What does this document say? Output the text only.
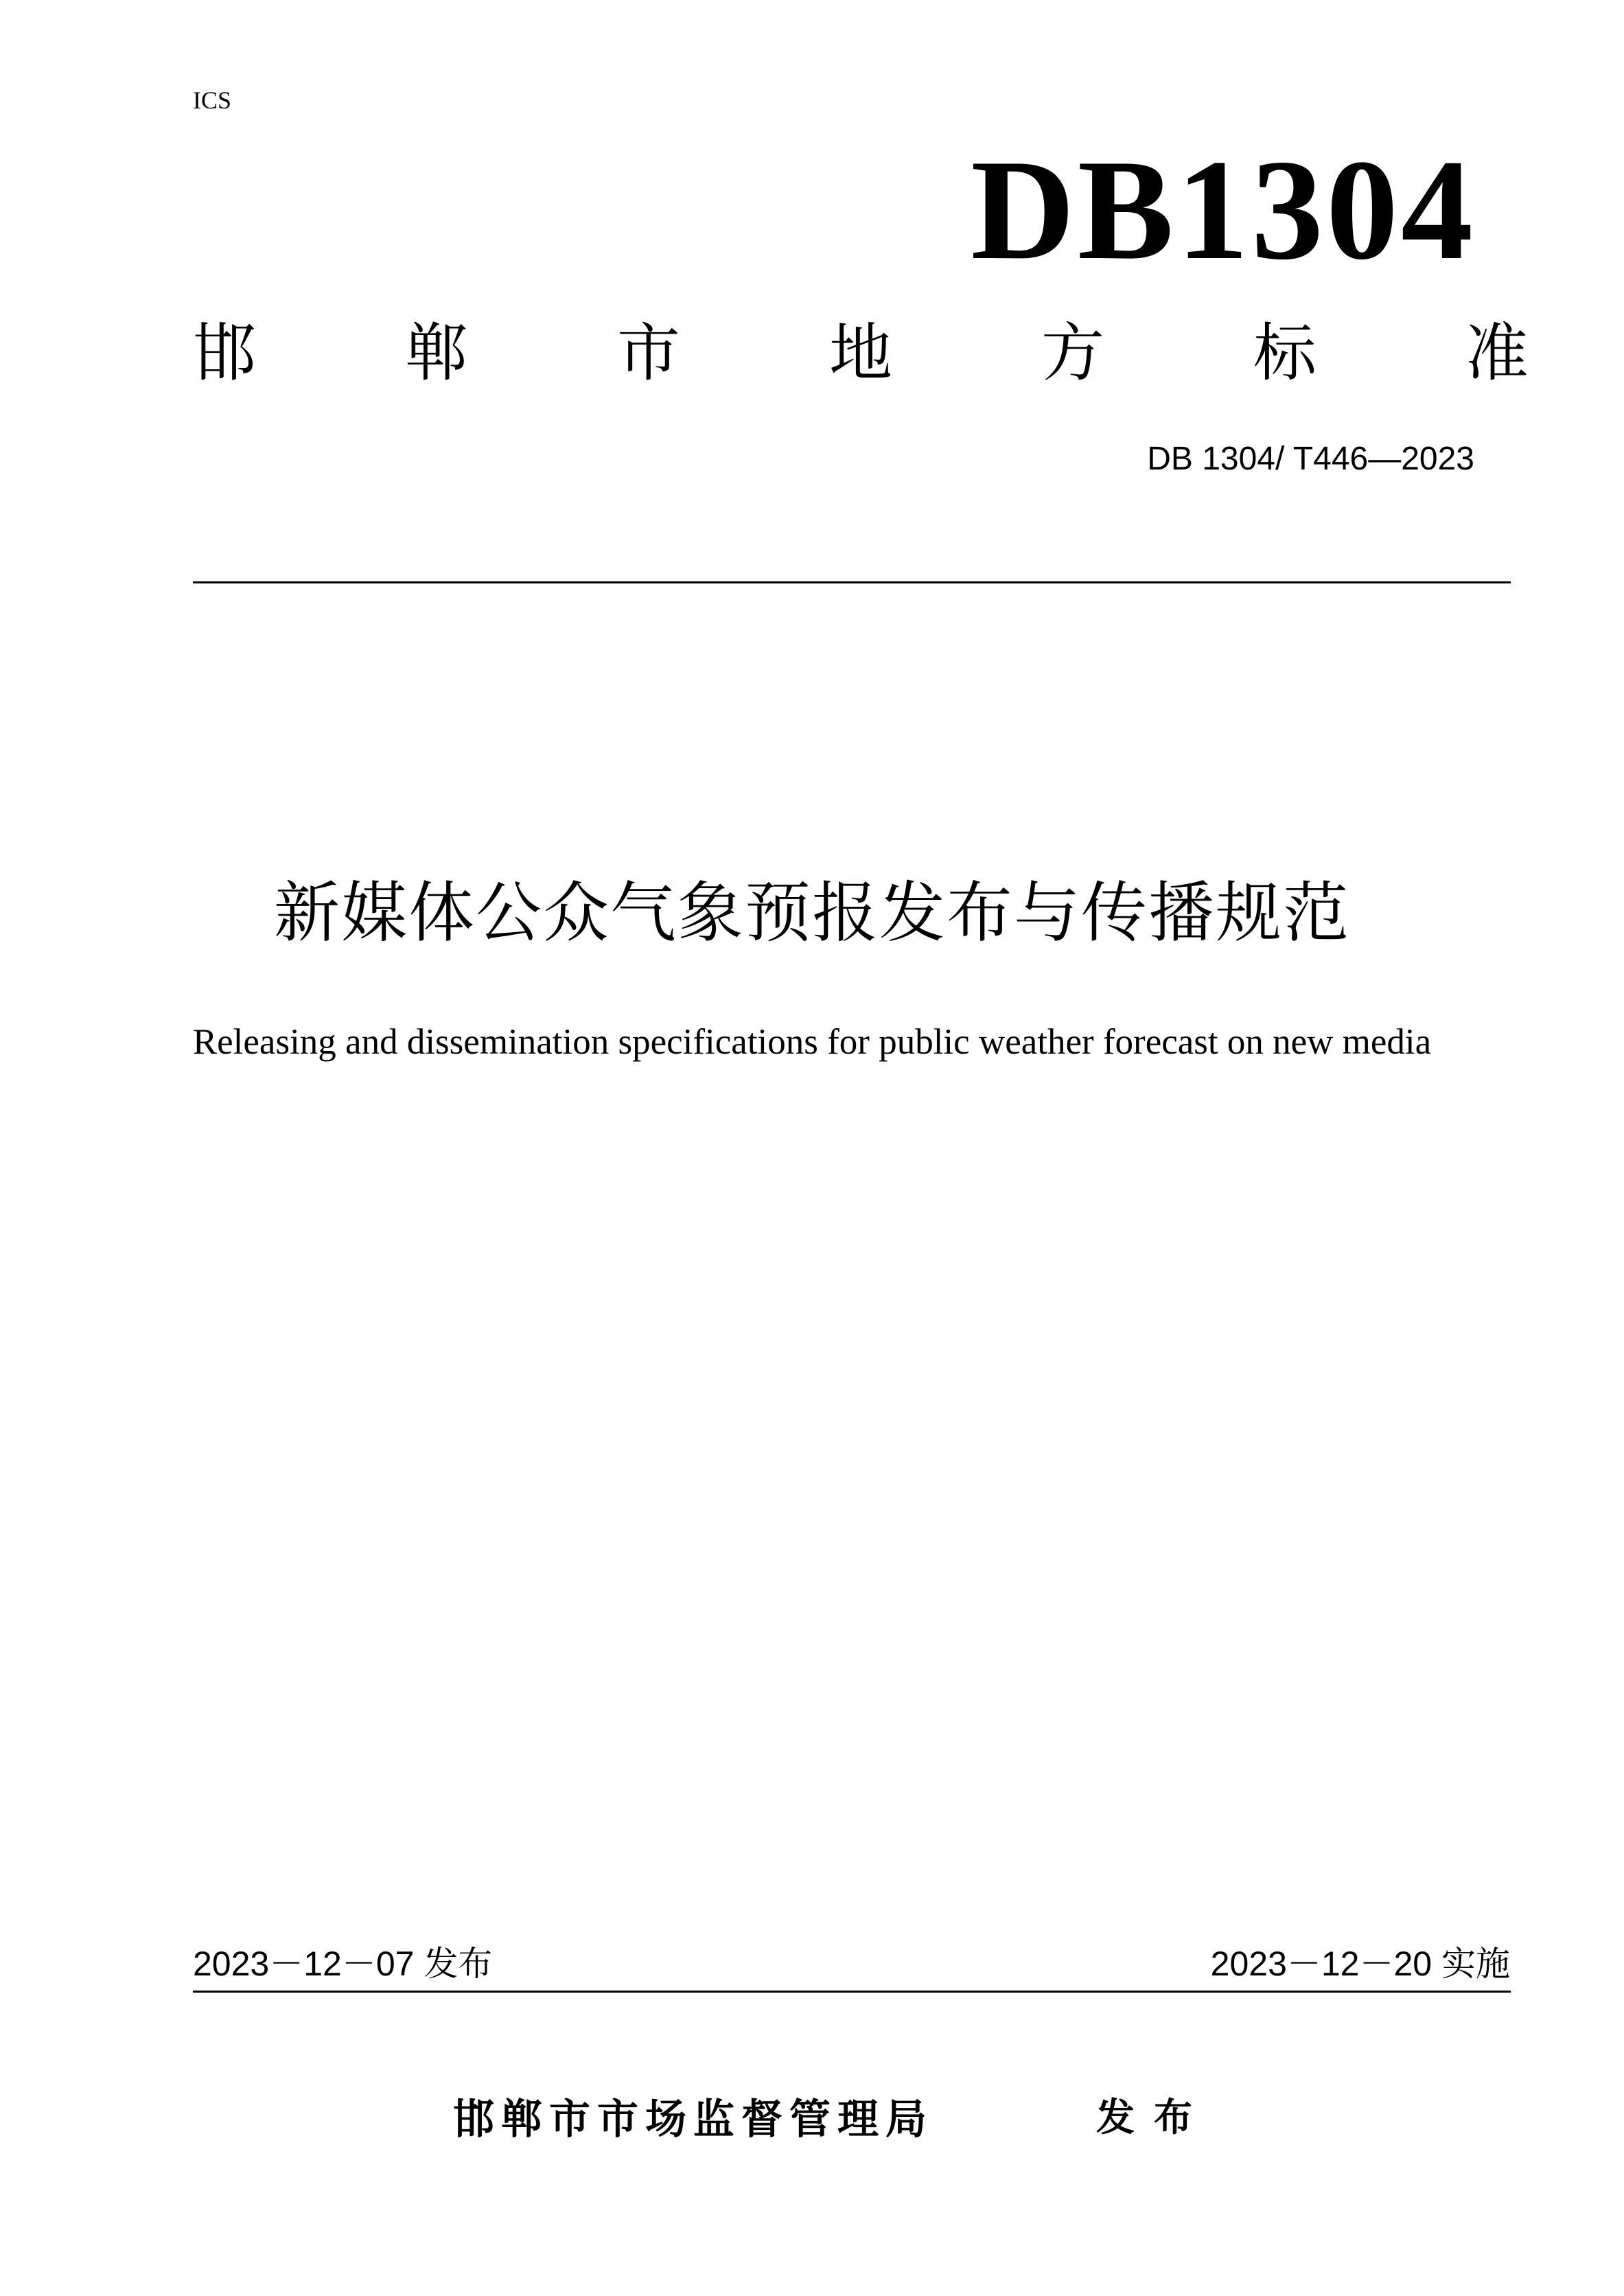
ICS
DB1304
邯 郸 市 地 方 标 准
DB 1304/ T446—2023
新媒体公众气象预报发布与传播规范
Releasing and dissemination specifications for public weather forecast on new media
2023－12－07 发布	2023－12－20 实施
邯郸市市场监督管理局	发布
